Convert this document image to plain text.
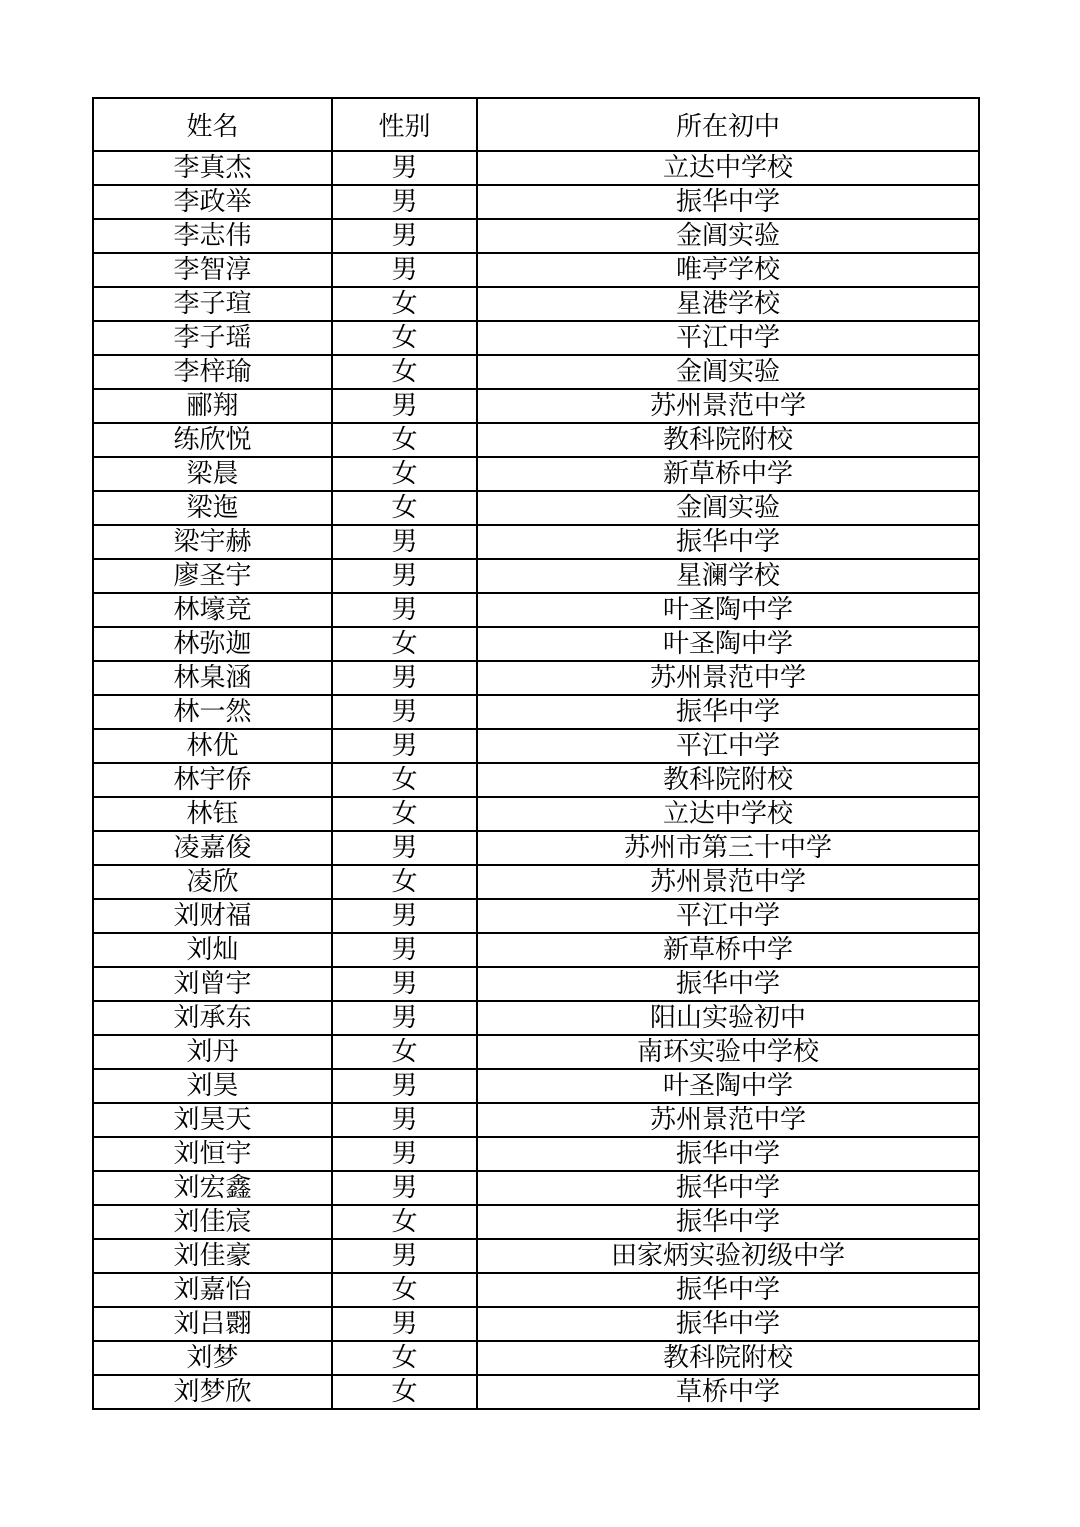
姓名	性别	所在初中
李真杰	男	立达中学校
李政举	男	振华中学
李志伟	男	金阊实验
李智淳	男	唯亭学校
李子瑄	女	星港学校
李子瑶	女	平江中学
李梓瑜	女	金阊实验
郦翔	男	苏州景范中学
练欣悦	女	教科院附校
梁晨	女	新草桥中学
梁迤	女	金阊实验
梁宇赫	男	振华中学
廖圣宇	男	星澜学校
林壕竞	男	叶圣陶中学
林弥迦	女	叶圣陶中学
林臬涵	男	苏州景范中学
林一然	男	振华中学
林优	男	平江中学
林宇侨	女	教科院附校
林钰	女	立达中学校
凌嘉俊	男	苏州市第三十中学
凌欣	女	苏州景范中学
刘财福	男	平江中学
刘灿	男	新草桥中学
刘曾宇	男	振华中学
刘承东	男	阳山实验初中
刘丹	女	南环实验中学校
刘昊	男	叶圣陶中学
刘昊天	男	苏州景范中学
刘恒宇	男	振华中学
刘宏鑫	男	振华中学
刘佳宸	女	振华中学
刘佳豪	男	田家炳实验初级中学
刘嘉怡	女	振华中学
刘吕翾	男	振华中学
刘梦	女	教科院附校
刘梦欣	女	草桥中学
